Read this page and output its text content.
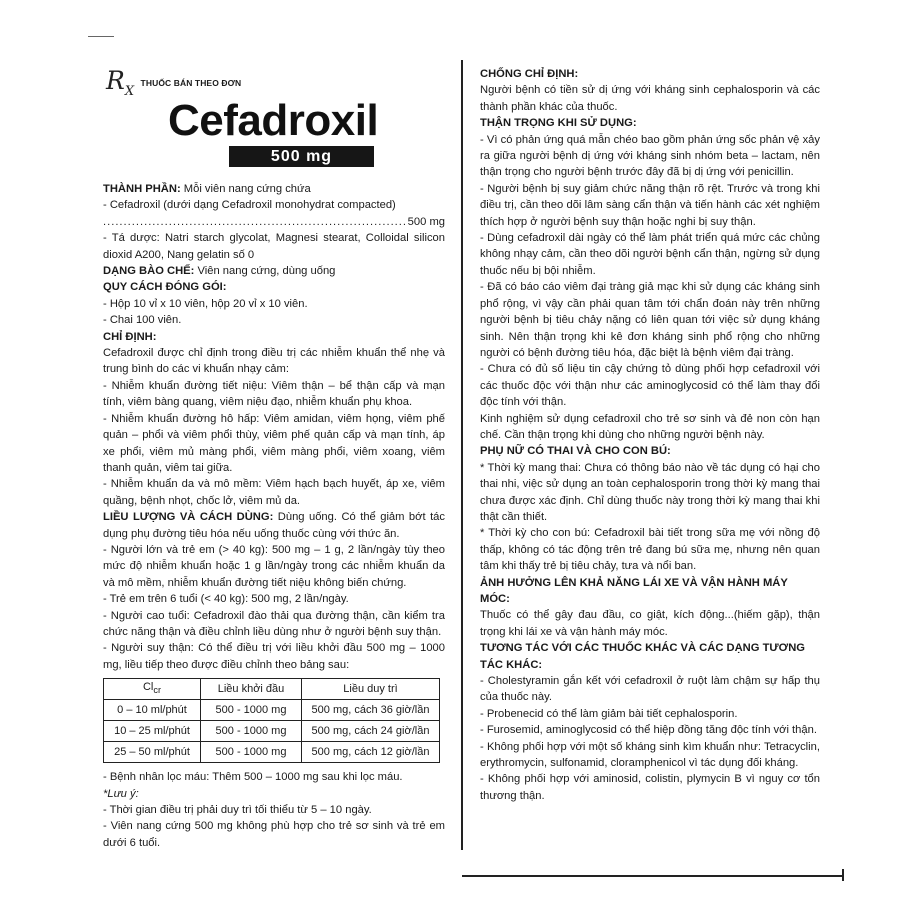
$R_X$ THUỐC BÁN THEO ĐƠN
Cefadroxil
500 mg

THÀNH PHẦN: Mỗi viên nang cứng chứa

- Cefadroxil (dưới dạng Cefadroxil monohydrat compacted)

.....
500 mg

- Tá dược: Natri starch glycolat, Magnesi stearat, Colloidal silicon dioxid A200, Nang gelatin số 0

DẠNG BÀO CHẾ: Viên nang cứng, dùng uống

QUY CÁCH ĐÓNG GÓI:

- Hộp 10 vỉ x 10 viên, hộp 20 vỉ x 10 viên.

- Chai 100 viên.

CHỈ ĐỊNH:

Cefadroxil được chỉ định trong điều trị các nhiễm khuẩn thể nhẹ và trung bình do các vi khuẩn nhạy cảm:

- Nhiễm khuẩn đường tiết niệu: Viêm thận – bể thận cấp và mạn tính, viêm bàng quang, viêm niệu đạo, nhiễm khuẩn phụ khoa.

- Nhiễm khuẩn đường hô hấp: Viêm amidan, viêm họng, viêm phế quản – phổi và viêm phổi thùy, viêm phế quản cấp và mạn tính, áp xe phổi, viêm mủ màng phổi, viêm màng phổi, viêm xoang, viêm thanh quản, viêm tai giữa.

- Nhiễm khuẩn da và mô mềm: Viêm hạch bạch huyết, áp xe, viêm quầng, bệnh nhọt, chốc lở, viêm mủ da.

LIỀU LƯỢNG VÀ CÁCH DÙNG: Dùng uống. Có thể giảm bớt tác dụng phụ đường tiêu hóa nếu uống thuốc cùng với thức ăn.

- Người lớn và trẻ em (> 40 kg): 500 mg – 1 g, 2 lần/ngày tùy theo mức độ nhiễm khuẩn hoặc 1 g lần/ngày trong các nhiễm khuẩn da và mô mềm, nhiễm khuẩn đường tiết niệu không biến chứng.

- Trẻ em trên 6 tuổi (< 40 kg): 500 mg, 2 lần/ngày.

- Người cao tuổi: Cefadroxil đào thải qua đường thận, cần kiểm tra chức năng thận và điều chỉnh liều dùng như ở người bệnh suy thận.

- Người suy thận: Có thể điều trị với liều khởi đầu 500 mg – 1000 mg, liều tiếp theo được điều chỉnh theo bảng sau:

$Cl_{cr}$	Liều khởi đầu	Liều duy trì
0 – 10 ml/phút	500 - 1000 mg	500 mg, cách 36 giờ/lần
10 – 25 ml/phút	500 - 1000 mg	500 mg, cách 24 giờ/lần
25 – 50 ml/phút	500 - 1000 mg	500 mg, cách 12 giờ/lần

- Bệnh nhân lọc máu: Thêm 500 – 1000 mg sau khi lọc máu.

*Lưu ý:

- Thời gian điều trị phải duy trì tối thiểu từ 5 – 10 ngày.

- Viên nang cứng 500 mg không phù hợp cho trẻ sơ sinh và trẻ em dưới 6 tuổi.

CHỐNG CHỈ ĐỊNH:

Người bệnh có tiền sử dị ứng với kháng sinh cephalosporin và các thành phần khác của thuốc.

THẬN TRỌNG KHI SỬ DỤNG:

- Vì có phản ứng quá mẫn chéo bao gồm phản ứng sốc phản vệ xảy ra giữa người bệnh dị ứng với kháng sinh nhóm beta – lactam, nên thận trọng cho người bệnh trước đây đã bị dị ứng với penicillin.

- Người bệnh bị suy giảm chức năng thận rõ rệt. Trước và trong khi điều trị, cần theo dõi lâm sàng cẩn thận và tiến hành các xét nghiệm thích hợp ở người bệnh suy thận hoặc nghi bị suy thận.

- Dùng cefadroxil dài ngày có thể làm phát triển quá mức các chủng không nhạy cảm, cần theo dõi người bệnh cẩn thận, ngừng sử dụng thuốc nếu bị bội nhiễm.

- Đã có báo cáo viêm đại tràng giả mạc khi sử dụng các kháng sinh phổ rộng, vì vậy cần phải quan tâm tới chẩn đoán này trên những người bệnh bị tiêu chảy nặng có liên quan tới việc sử dụng kháng sinh. Nên thận trọng khi kê đơn kháng sinh phổ rộng cho những người có bệnh đường tiêu hóa, đặc biệt là bệnh viêm đại tràng.

- Chưa có đủ số liệu tin cậy chứng tỏ dùng phối hợp cefadroxil với các thuốc độc với thận như các aminoglycosid có thể làm thay đổi độc tính với thận.

Kinh nghiệm sử dụng cefadroxil cho trẻ sơ sinh và đẻ non còn hạn chế. Cần thận trọng khi dùng cho những người bệnh này.

PHỤ NỮ CÓ THAI VÀ CHO CON BÚ:

* Thời kỳ mang thai: Chưa có thông báo nào về tác dụng có hại cho thai nhi, việc sử dụng an toàn cephalosporin trong thời kỳ mang thai chưa được xác định. Chỉ dùng thuốc này trong thời kỳ mang thai khi thật cần thiết.

* Thời kỳ cho con bú: Cefadroxil bài tiết trong sữa mẹ với nồng độ thấp, không có tác động trên trẻ đang bú sữa mẹ, nhưng nên quan tâm khi thấy trẻ bị tiêu chảy, tưa và nổi ban.

ẢNH HƯỞNG LÊN KHẢ NĂNG LÁI XE VÀ VẬN HÀNH MÁY MÓC:

Thuốc có thể gây đau đầu, co giật, kích động...(hiếm gặp), thận trọng khi lái xe và vận hành máy móc.

TƯƠNG TÁC VỚI CÁC THUỐC KHÁC VÀ CÁC DẠNG TƯƠNG TÁC KHÁC:

- Cholestyramin gắn kết với cefadroxil ở ruột làm chậm sự hấp thụ của thuốc này.

- Probenecid có thể làm giảm bài tiết cephalosporin.

- Furosemid, aminoglycosid có thể hiệp đồng tăng độc tính với thận.

- Không phối hợp với một số kháng sinh kìm khuẩn như: Tetracyclin, erythromycin, sulfonamid, cloramphenicol vì tác dụng đối kháng.

- Không phối hợp với aminosid, colistin, plymycin B vì nguy cơ tổn thương thận.
